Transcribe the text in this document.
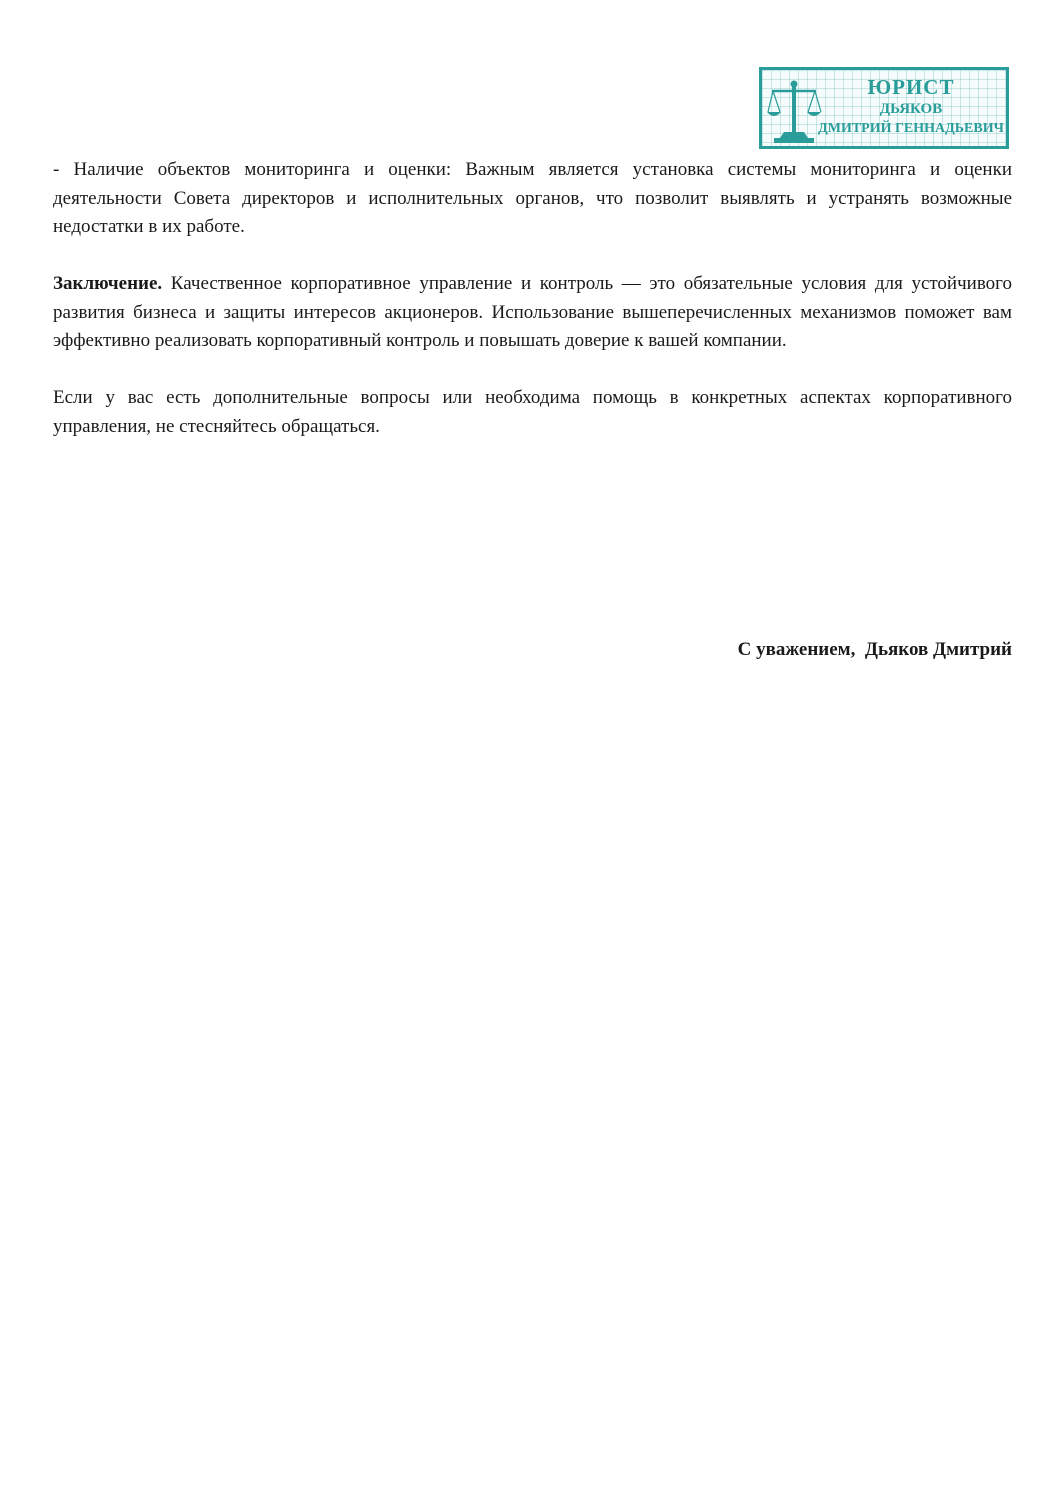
ЮРИСТ
ДЬЯКОВ
ДМИТРИЙ ГЕННАДЬЕВИЧ

- Наличие объектов мониторинга и оценки: Важным является установка системы мониторинга и оценки деятельности Совета директоров и исполнительных органов, что позволит выявлять и устранять возможные недостатки в их работе.

Заключение. Качественное корпоративное управление и контроль — это обязательные условия для устойчивого развития бизнеса и защиты интересов акционеров. Использование вышеперечисленных механизмов поможет вам эффективно реализовать корпоративный контроль и повышать доверие к вашей компании.

Если у вас есть дополнительные вопросы или необходима помощь в конкретных аспектах корпоративного управления, не стесняйтесь обращаться.

С уважением,  Дьяков Дмитрий
